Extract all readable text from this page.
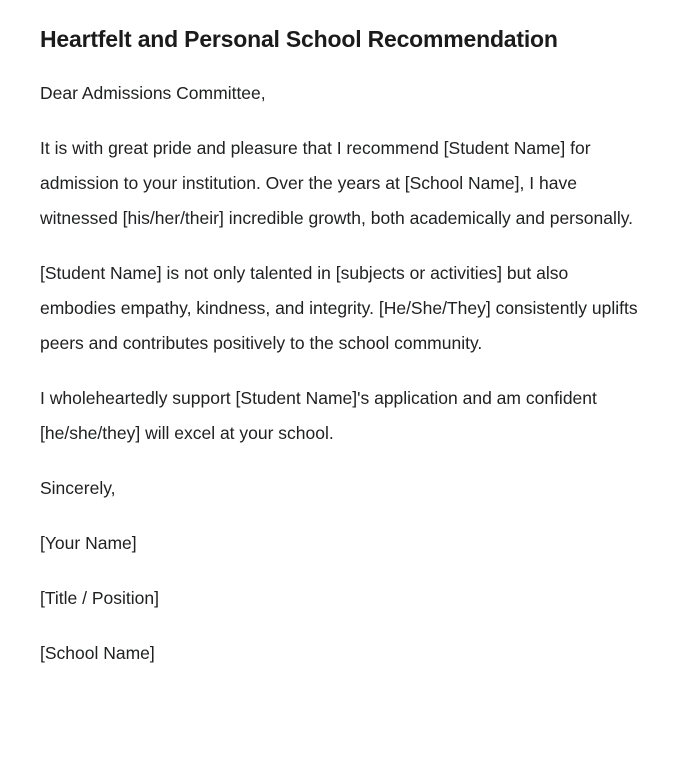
Heartfelt and Personal School Recommendation

Dear Admissions Committee,

It is with great pride and pleasure that I recommend [Student Name] for admission to your institution. Over the years at [School Name], I have witnessed [his/her/their] incredible growth, both academically and personally.

[Student Name] is not only talented in [subjects or activities] but also embodies empathy, kindness, and integrity. [He/She/They] consistently uplifts peers and contributes positively to the school community.

I wholeheartedly support [Student Name]'s application and am confident [he/she/they] will excel at your school.

Sincerely,

[Your Name]

[Title / Position]

[School Name]
